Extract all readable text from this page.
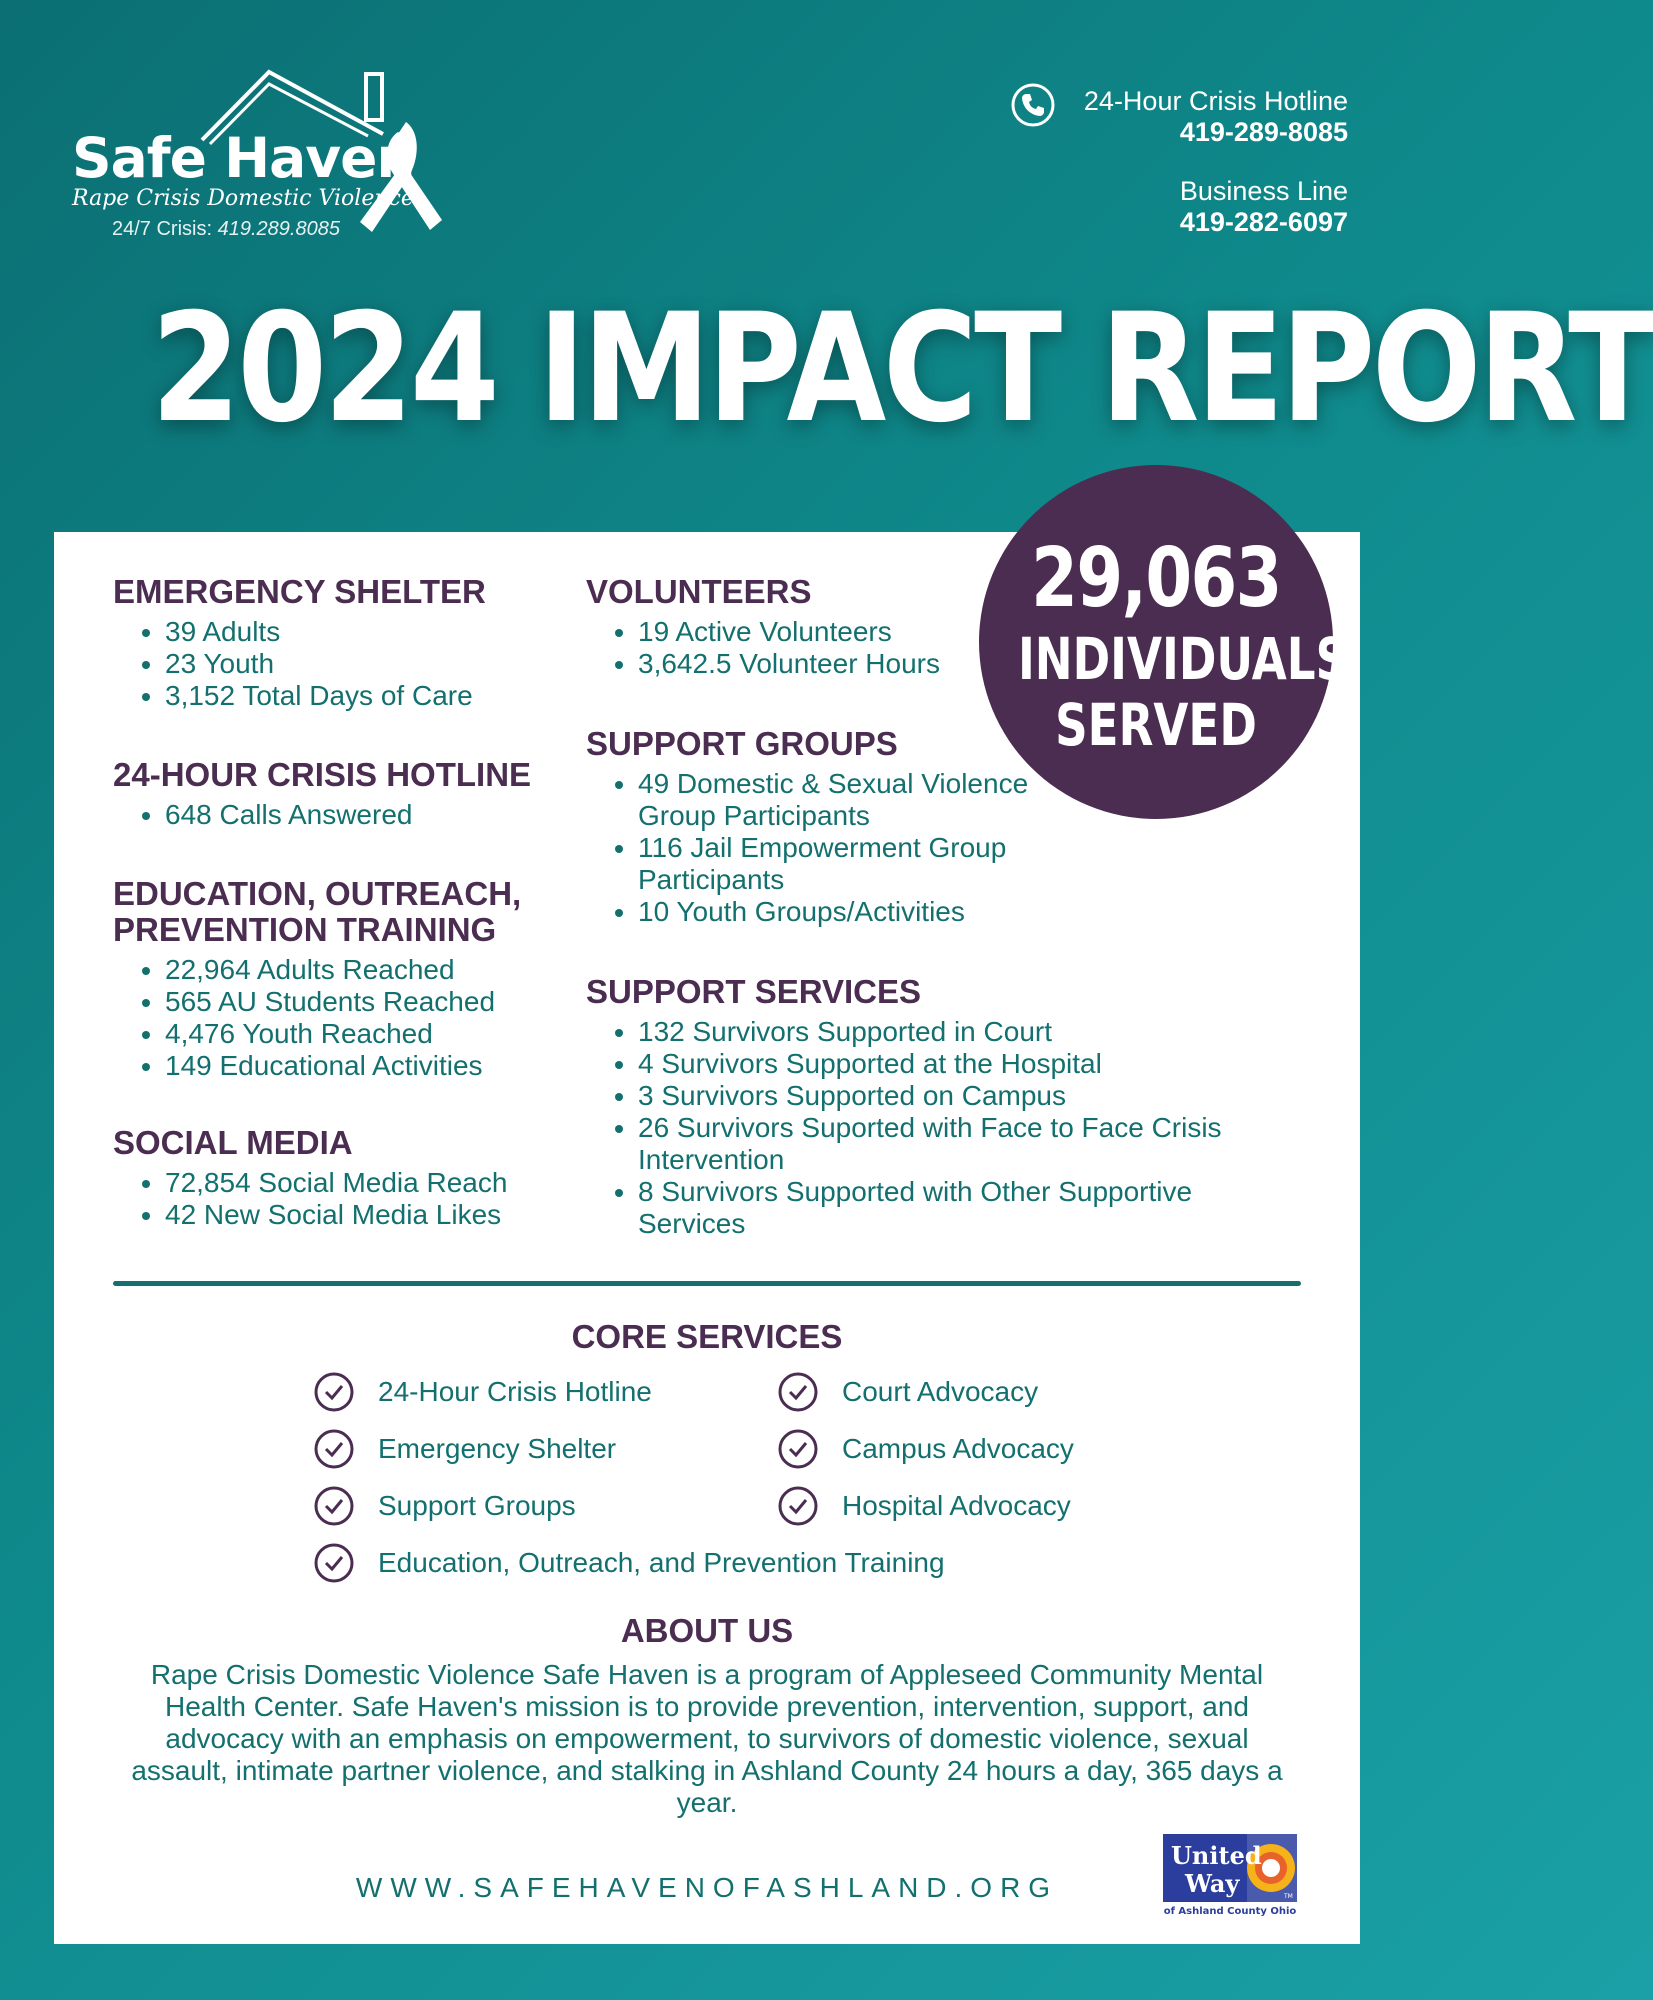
Safe Haven
Rape Crisis Domestic Violence
24/7 Crisis: 419.289.8085
24-Hour Crisis Hotline
419-289-8085
Business Line
419-282-6097
2024 IMPACT REPORT
29,063
INDIVIDUALS
SERVED
EMERGENCY SHELTER
• 39 Adults
• 23 Youth
• 3,152 Total Days of Care
24-HOUR CRISIS HOTLINE
• 648 Calls Answered
EDUCATION, OUTREACH,
PREVENTION TRAINING
• 22,964 Adults Reached
• 565 AU Students Reached
• 4,476 Youth Reached
• 149 Educational Activities
SOCIAL MEDIA
• 72,854 Social Media Reach
• 42 New Social Media Likes
VOLUNTEERS
• 19 Active Volunteers
• 3,642.5 Volunteer Hours
SUPPORT GROUPS
• 49 Domestic & Sexual Violence Group Participants
• 116 Jail Empowerment Group Participants
• 10 Youth Groups/Activities
SUPPORT SERVICES
• 132 Survivors Supported in Court
• 4 Survivors Supported at the Hospital
• 3 Survivors Supported on Campus
• 26 Survivors Suported with Face to Face Crisis Intervention
• 8 Survivors Supported with Other Supportive Services
CORE SERVICES
24-Hour Crisis Hotline	Court Advocacy
Emergency Shelter	Campus Advocacy
Support Groups	Hospital Advocacy
Education, Outreach, and Prevention Training
ABOUT US
Rape Crisis Domestic Violence Safe Haven is a program of Appleseed Community Mental Health Center. Safe Haven's mission is to provide prevention, intervention, support, and advocacy with an emphasis on empowerment, to survivors of domestic violence, sexual assault, intimate partner violence, and stalking in Ashland County 24 hours a day, 365 days a year.
WWW.SAFEHAVENOFASHLAND.ORG
United
Way	TM
of Ashland County Ohio
